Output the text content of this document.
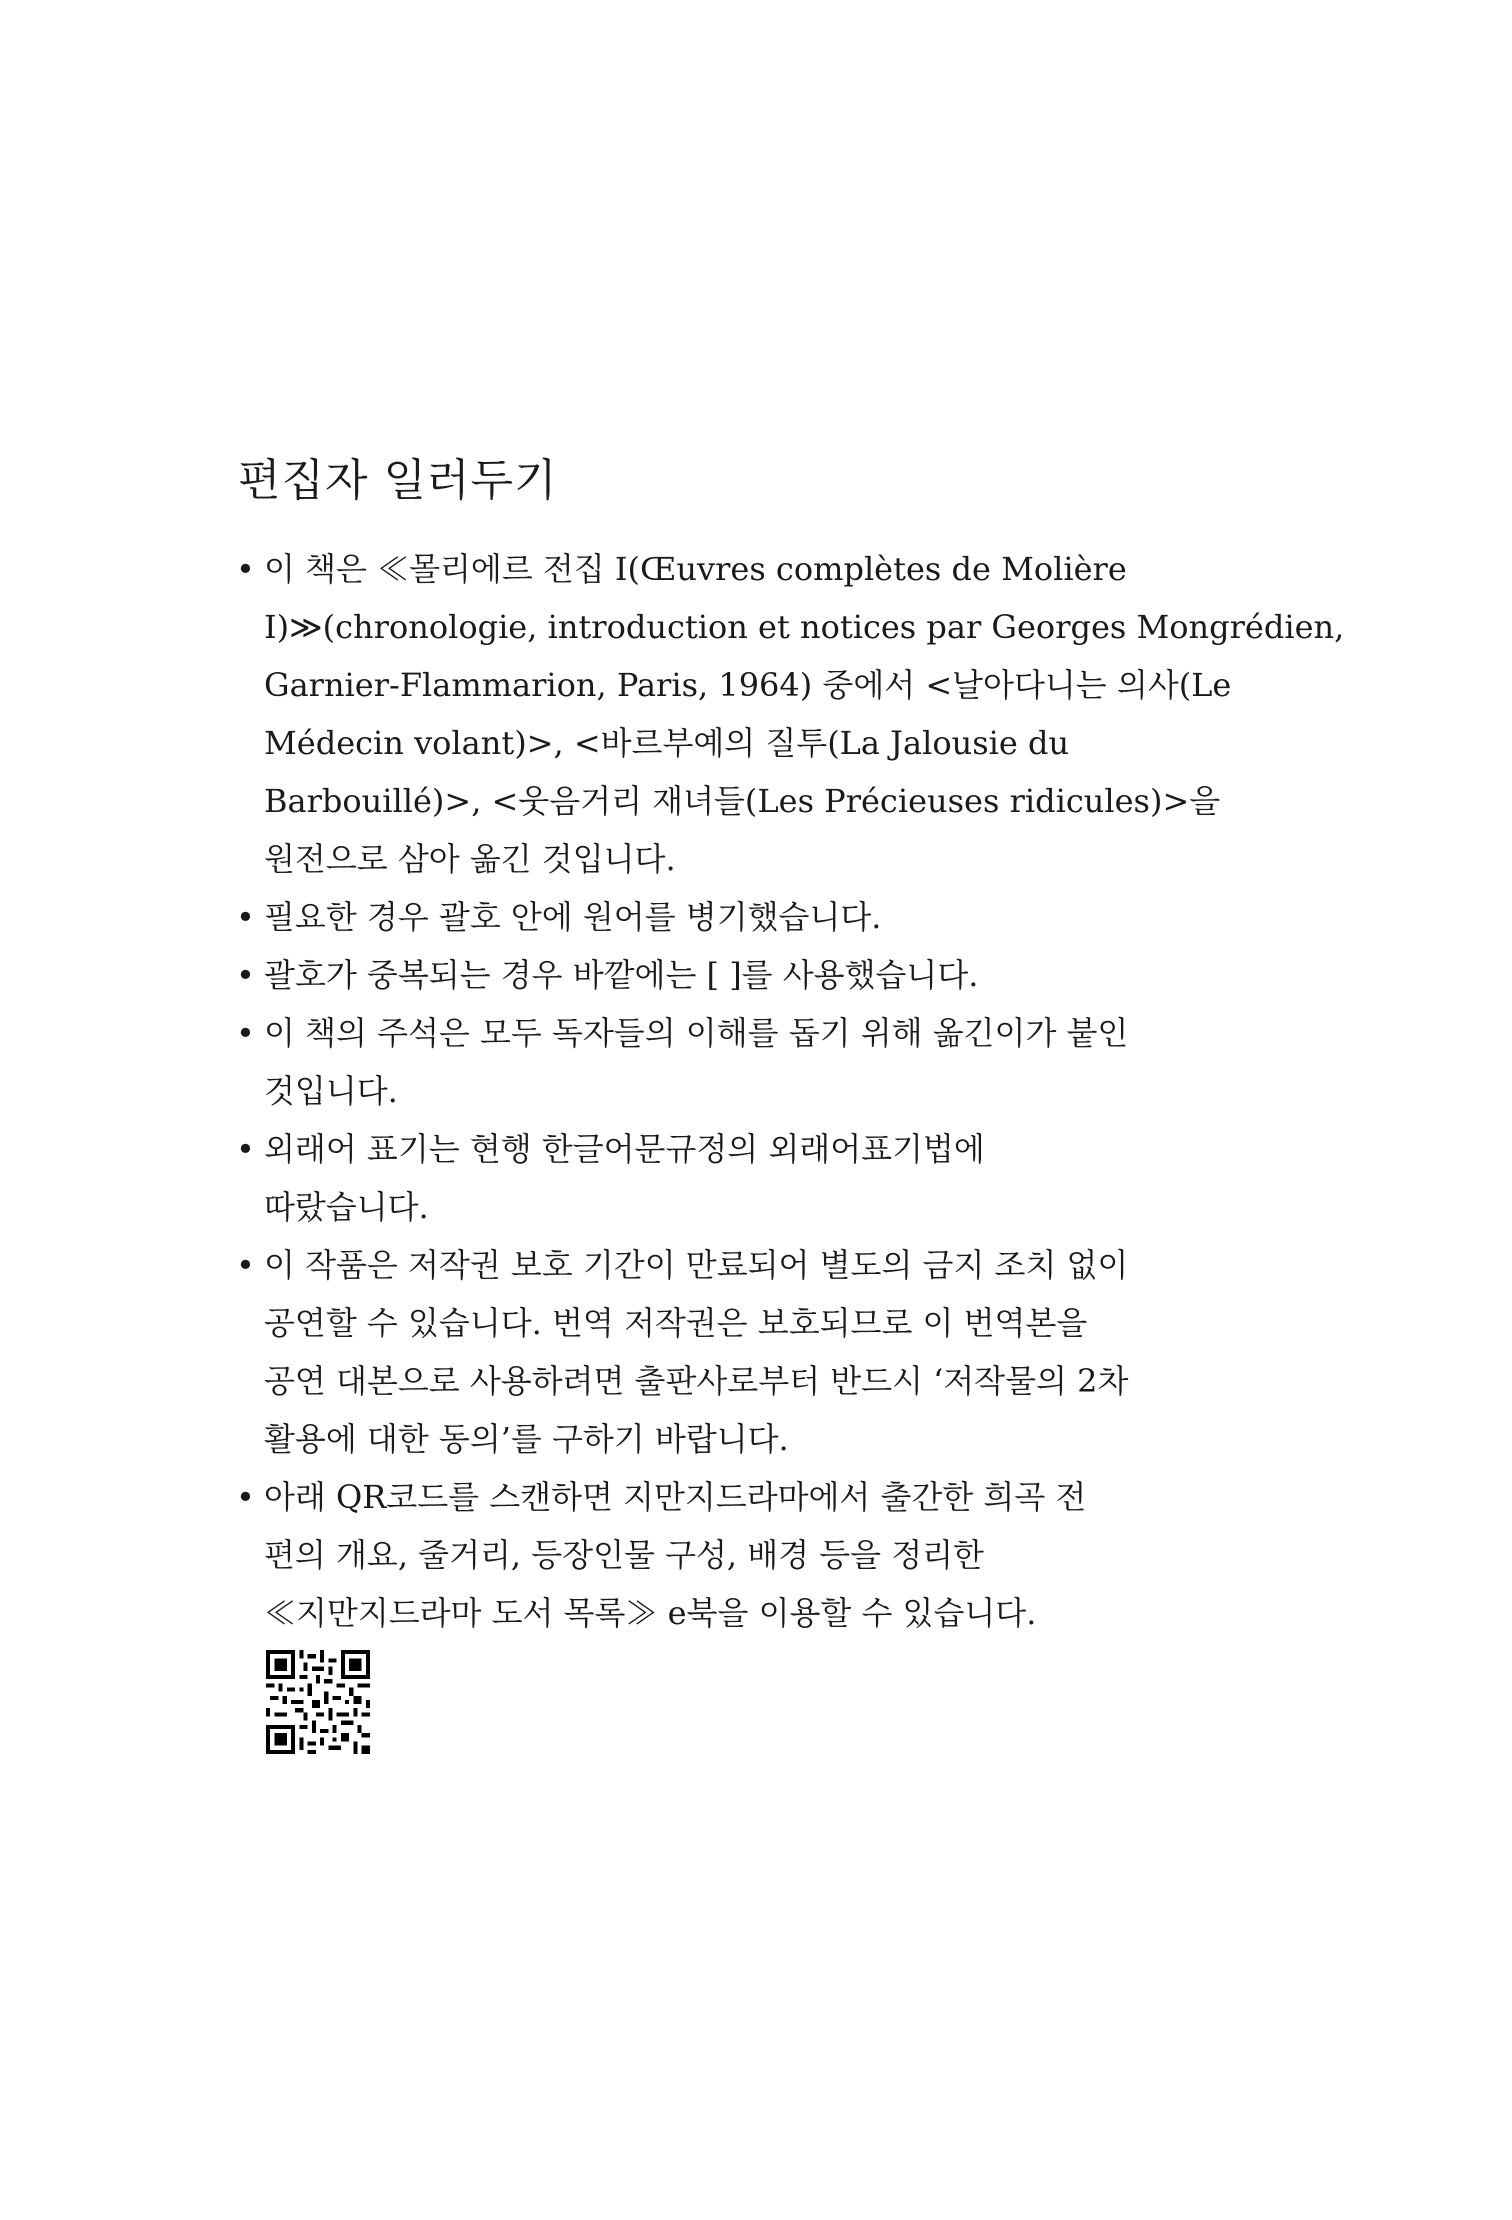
편집자 일러두기
• 이 책은 ≪몰리에르 전집 I(Œuvres complètes de Molière
I)≫(chronologie, introduction et notices par Georges Mongrédien,
Garnier-Flammarion, Paris, 1964) 중에서 <날아다니는 의사(Le
Médecin volant)>, <바르부예의 질투(La Jalousie du
Barbouillé)>, <웃음거리 재녀들(Les Précieuses ridicules)>을
원전으로 삼아 옮긴 것입니다.
• 필요한 경우 괄호 안에 원어를 병기했습니다.
• 괄호가 중복되는 경우 바깥에는 [ ]를 사용했습니다.
• 이 책의 주석은 모두 독자들의 이해를 돕기 위해 옮긴이가 붙인
것입니다.
• 외래어 표기는 현행 한글어문규정의 외래어표기법에
따랐습니다.
• 이 작품은 저작권 보호 기간이 만료되어 별도의 금지 조치 없이
공연할 수 있습니다. 번역 저작권은 보호되므로 이 번역본을
공연 대본으로 사용하려면 출판사로부터 반드시 ‘저작물의 2차
활용에 대한 동의’를 구하기 바랍니다.
• 아래 QR코드를 스캔하면 지만지드라마에서 출간한 희곡 전
편의 개요, 줄거리, 등장인물 구성, 배경 등을 정리한
≪지만지드라마 도서 목록≫ e북을 이용할 수 있습니다.
